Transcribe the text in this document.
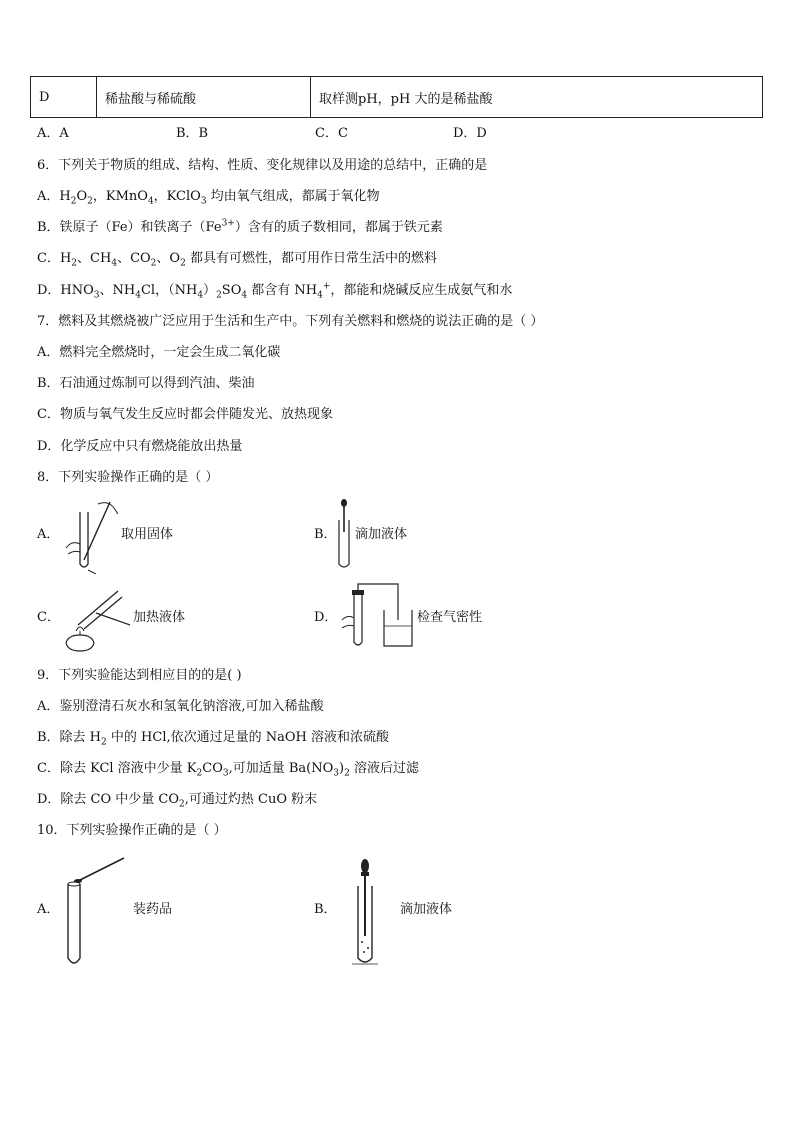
D	稀盐酸与稀硫酸	取样测pH，pH 大的是稀盐酸
A．A	B．B	C．C	D．D
6．下列关于物质的组成、结构、性质、变化规律以及用途的总结中，正确的是
A．$H_2O_2$，KMnO$_4$，KClO$_3$ 均由氧气组成，都属于氧化物
B．铁原子（Fe）和铁离子$(Fe^{3+})$含有的质子数相同，都属于铁元素
C．$H_2$、$CH_4$、$CO_2$、$O_2$ 都具有可燃性，都可用作日常生活中的燃料
D．$HNO_3$、$NH_4Cl$，$(NH_4)_2SO_4$ 都含有 $NH_4^+$，都能和烧碱反应生成氨气和水
7．燃料及其燃烧被广泛应用于生活和生产中。下列有关燃料和燃烧的说法正确的是（ ）
A．燃料完全燃烧时，一定会生成二氧化碳
B．石油通过炼制可以得到汽油、柴油
C．物质与氧气发生反应时都会伴随发光、放热现象
D．化学反应中只有燃烧能放出热量
8．下列实验操作正确的是（ ）
A．	取用固体	B． 滴加液体
C．	加热液体	D．	检查气密性
9．下列实验能达到相应目的的是( )
A．鉴别澄清石灰水和氢氧化钠溶液,可加入稀盐酸
B．除去 $H_2$ 中的 HCl,依次通过足量的 NaOH 溶液和浓硫酸
C．除去 KCl 溶液中少量 $K_2CO_3$,可加适量 $Ba(NO_3)_2$ 溶液后过滤
D．除去 CO 中少量 $CO_2$,可通过灼热 CuO 粉末
10．下列实验操作正确的是（ ）
A．	装药品	B．	滴加液体
